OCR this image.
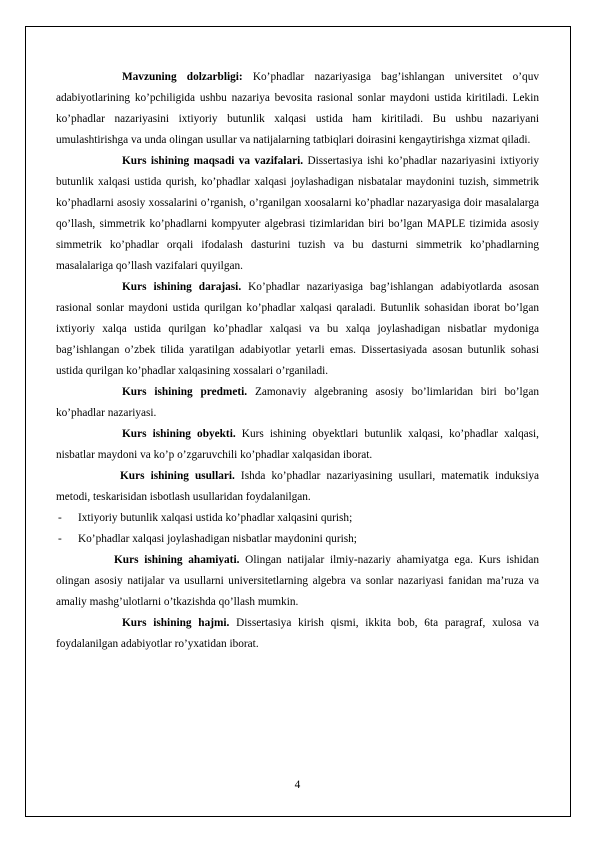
Mavzuning dolzarbligi: Ko’phadlar nazariyasiga bag’ishlangan universitet o’quv adabiyotlarining ko’pchiligida ushbu nazariya bevosita rasional sonlar maydoni ustida kiritiladi. Lekin ko’phadlar nazariyasini ixtiyoriy butunlik xalqasi ustida ham kiritiladi. Bu ushbu nazariyani umulashtirishga va unda olingan usullar va natijalarning tatbiqlari doirasini kengaytirishga xizmat qiladi.

Kurs ishining maqsadi va vazifalari. Dissertasiya ishi ko’phadlar nazariyasini ixtiyoriy butunlik xalqasi ustida qurish, ko’phadlar xalqasi joylashadigan nisbatalar maydonini tuzish, simmetrik ko’phadlarni asosiy xossalarini o’rganish, o’rganilgan xoosalarni ko’phadlar nazaryasiga doir masalalarga qo’llash, simmetrik ko’phadlarni kompyuter algebrasi tizimlaridan biri bo’lgan MAPLE tizimida asosiy simmetrik ko’phadlar orqali ifodalash dasturini tuzish va bu dasturni simmetrik ko’phadlarning masalalariga qo’llash vazifalari quyilgan.

Kurs ishining darajasi. Ko’phadlar nazariyasiga bag’ishlangan adabiyotlarda asosan rasional sonlar maydoni ustida qurilgan ko’phadlar xalqasi qaraladi. Butunlik sohasidan iborat bo’lgan ixtiyoriy xalqa ustida qurilgan ko’phadlar xalqasi va bu xalqa joylashadigan nisbatlar mydoniga bag’ishlangan o’zbek tilida yaratilgan adabiyotlar yetarli emas. Dissertasiyada asosan butunlik sohasi ustida qurilgan ko’phadlar xalqasining xossalari o’rganiladi.

Kurs ishining predmeti. Zamonaviy algebraning asosiy bo’limlaridan biri bo’lgan ko’phadlar nazariyasi.

Kurs ishining obyekti. Kurs ishining obyektlari butunlik xalqasi, ko’phadlar xalqasi, nisbatlar maydoni va ko’p o’zgaruvchili ko’phadlar xalqasidan iborat.

Kurs ishining usullari. Ishda ko’phadlar nazariyasining usullari, matematik induksiya metodi, teskarisidan isbotlash usullaridan foydalanilgan.

-	Ixtiyoriy butunlik xalqasi ustida ko’phadlar xalqasini qurish;
-	Ko’phadlar xalqasi joylashadigan nisbatlar maydonini qurish;

Kurs ishining ahamiyati. Olingan natijalar ilmiy-nazariy ahamiyatga ega. Kurs ishidan olingan asosiy natijalar va usullarni universitetlarning algebra va sonlar nazariyasi fanidan ma’ruza va amaliy mashg’ulotlarni o’tkazishda qo’llash mumkin.

Kurs ishining hajmi. Dissertasiya kirish qismi, ikkita bob, 6ta paragraf, xulosa va foydalanilgan adabiyotlar ro’yxatidan iborat.

4
